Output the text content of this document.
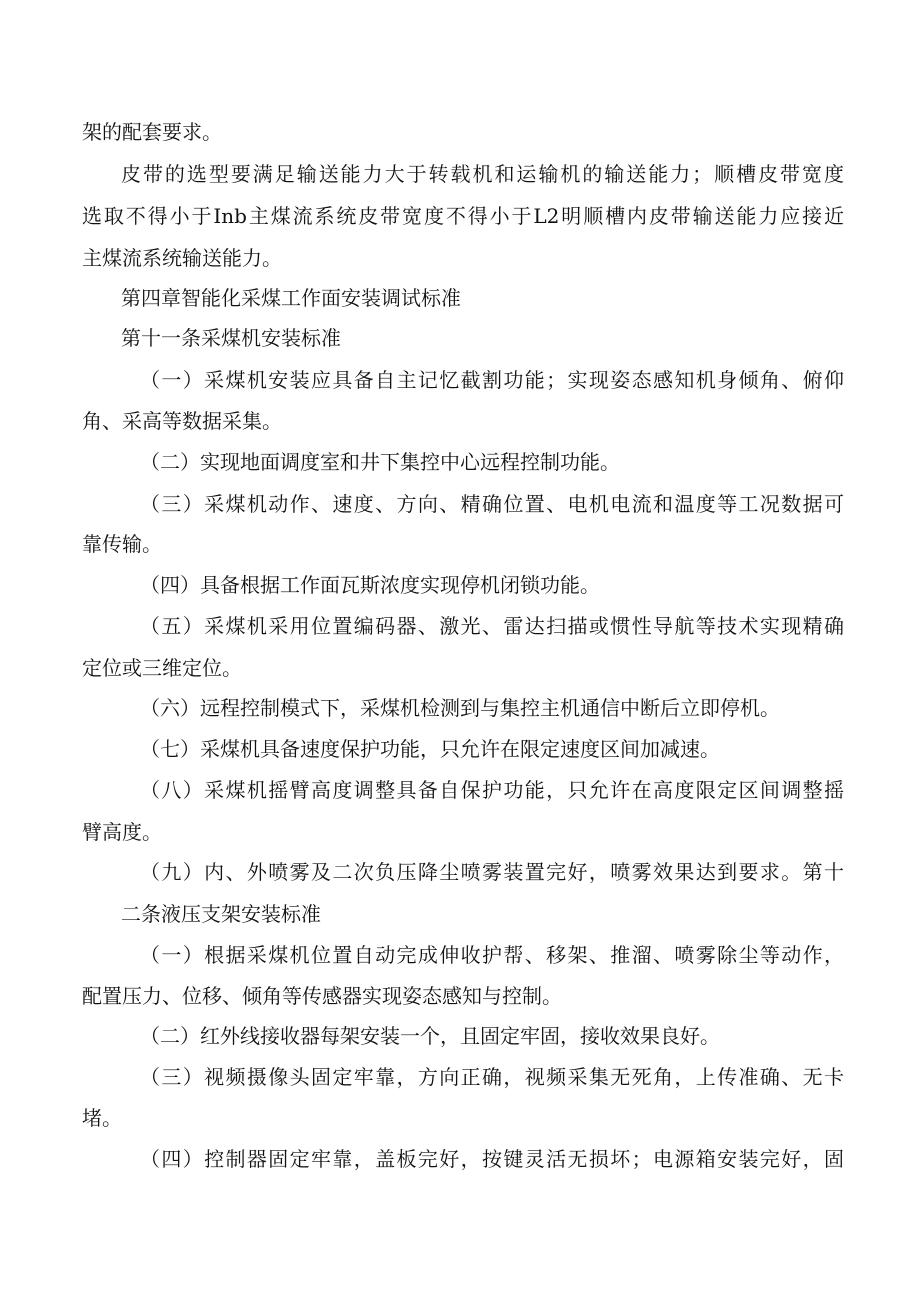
架的配套要求。
皮带的选型要满足输送能力大于转载机和运输机的输送能力；顺槽皮带宽度
选取不得小于Inb主煤流系统皮带宽度不得小于L2明顺槽内皮带输送能力应接近
主煤流系统输送能力。
第四章智能化采煤工作面安装调试标准
第十一条采煤机安装标准
（一）采煤机安装应具备自主记忆截割功能；实现姿态感知机身倾角、俯仰
角、采高等数据采集。
（二）实现地面调度室和井下集控中心远程控制功能。
（三）采煤机动作、速度、方向、精确位置、电机电流和温度等工况数据可
靠传输。
（四）具备根据工作面瓦斯浓度实现停机闭锁功能。
（五）采煤机采用位置编码器、激光、雷达扫描或惯性导航等技术实现精确
定位或三维定位。
（六）远程控制模式下，采煤机检测到与集控主机通信中断后立即停机。
（七）采煤机具备速度保护功能，只允许在限定速度区间加减速。
（八）采煤机摇臂高度调整具备自保护功能，只允许在高度限定区间调整摇
臂高度。
（九）内、外喷雾及二次负压降尘喷雾装置完好，喷雾效果达到要求。第十
二条液压支架安装标准
（一）根据采煤机位置自动完成伸收护帮、移架、推溜、喷雾除尘等动作，
配置压力、位移、倾角等传感器实现姿态感知与控制。
（二）红外线接收器每架安装一个，且固定牢固，接收效果良好。
（三）视频摄像头固定牢靠，方向正确，视频采集无死角，上传准确、无卡
堵。
（四）控制器固定牢靠，盖板完好，按键灵活无损坏；电源箱安装完好，固
